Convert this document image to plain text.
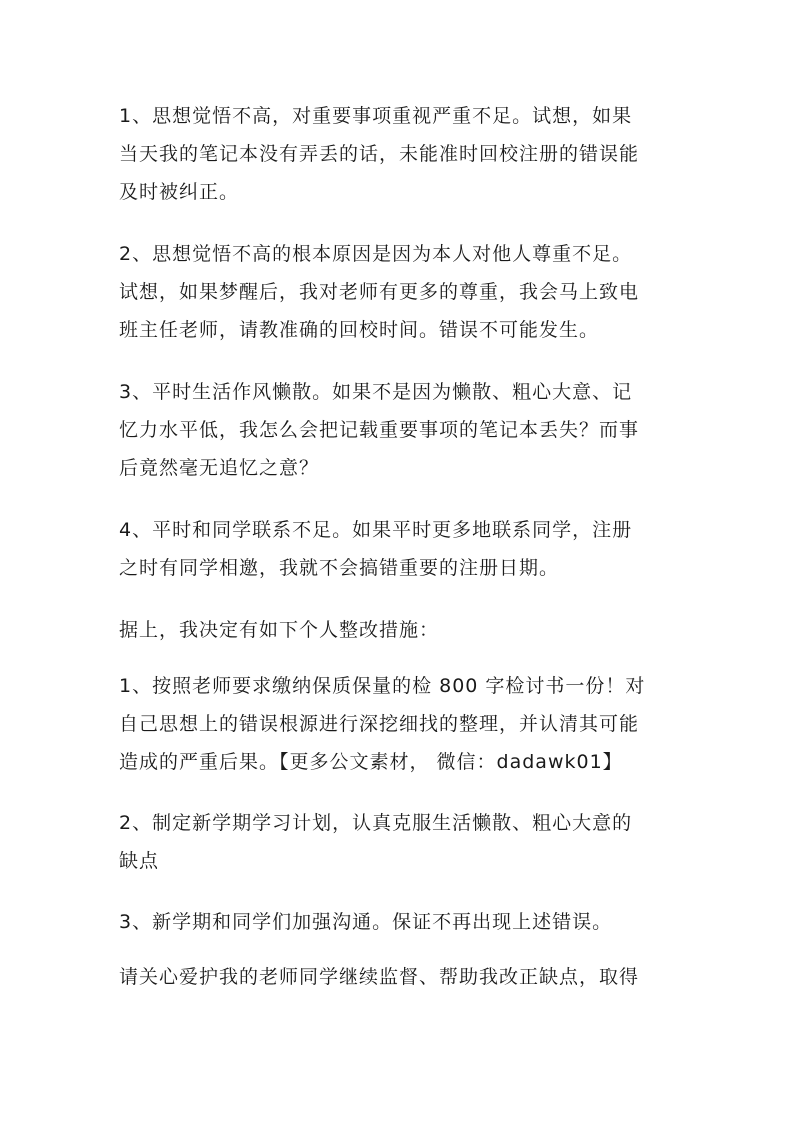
1、思想觉悟不高，对重要事项重视严重不足。试想，如果
当天我的笔记本没有弄丢的话，未能准时回校注册的错误能
及时被纠正。

2、思想觉悟不高的根本原因是因为本人对他人尊重不足。
试想，如果梦醒后，我对老师有更多的尊重，我会马上致电
班主任老师，请教准确的回校时间。错误不可能发生。

3、平时生活作风懒散。如果不是因为懒散、粗心大意、记
忆力水平低，我怎么会把记载重要事项的笔记本丢失？而事
后竟然毫无追忆之意？

4、平时和同学联系不足。如果平时更多地联系同学，注册
之时有同学相邀，我就不会搞错重要的注册日期。

据上，我决定有如下个人整改措施：

1、按照老师要求缴纳保质保量的检 800 字检讨书一份！对
自己思想上的错误根源进行深挖细找的整理，并认清其可能
造成的严重后果。【更多公文素材， 微信：dadawk01】

2、制定新学期学习计划，认真克服生活懒散、粗心大意的
缺点

3、新学期和同学们加强沟通。保证不再出现上述错误。

请关心爱护我的老师同学继续监督、帮助我改正缺点，取得
